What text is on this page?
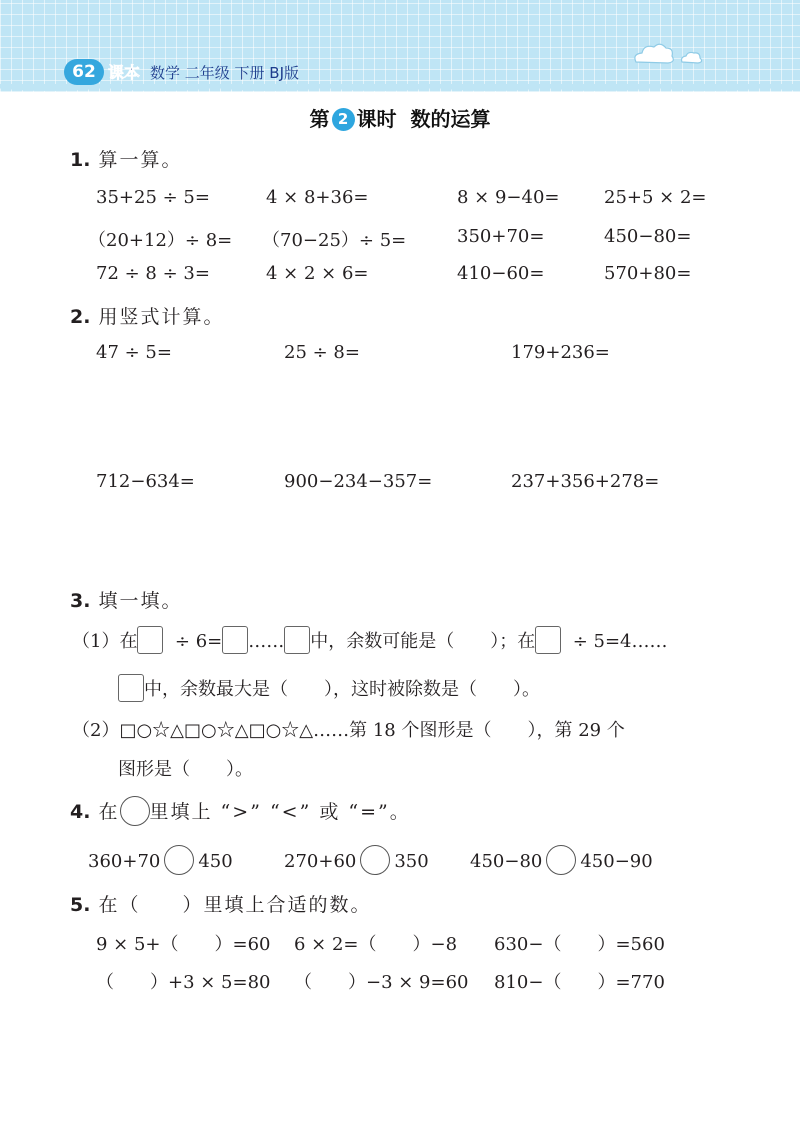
62 课本 数学 二年级 下册 BJ版
第 2 课时 数的运算
1. 算一算。
35+25 ÷ 5=	4 × 8+36=	8 × 9−40= 25+5 × 2=
（20+12）÷ 8= （70−25）÷ 5=	350+70=	450−80=
72 ÷ 8 ÷ 3=	4 × 2 × 6=	410−60=	570+80=
2. 用竖式计算。
47 ÷ 5=	25 ÷ 8=	179+236=
712−634=	900−234−357=	237+356+278=
3. 填一填。
（1）在 ÷ 6= …… 中，余数可能是（　　 ）；在 ÷ 5=4……
中，余数最大是（　　 ），这时被除数是（　　 ）。
（2）□○☆△□○☆△□○☆△……第 18 个图形是（　　 ），第 29 个
图形是（　　 ）。
4. 在 里填上 “>” “<” 或 “=”。
360+70 450	270+60 350 450−80 450−90
5. 在（　　）里填上合适的数。
9 × 5+（　　 ）=60 6 × 2=（　　 ）−8 630−（　　 ）=560
（　　 ）+3 × 5=80 （　　 ）−3 × 9=60 810−（　　 ）=770
